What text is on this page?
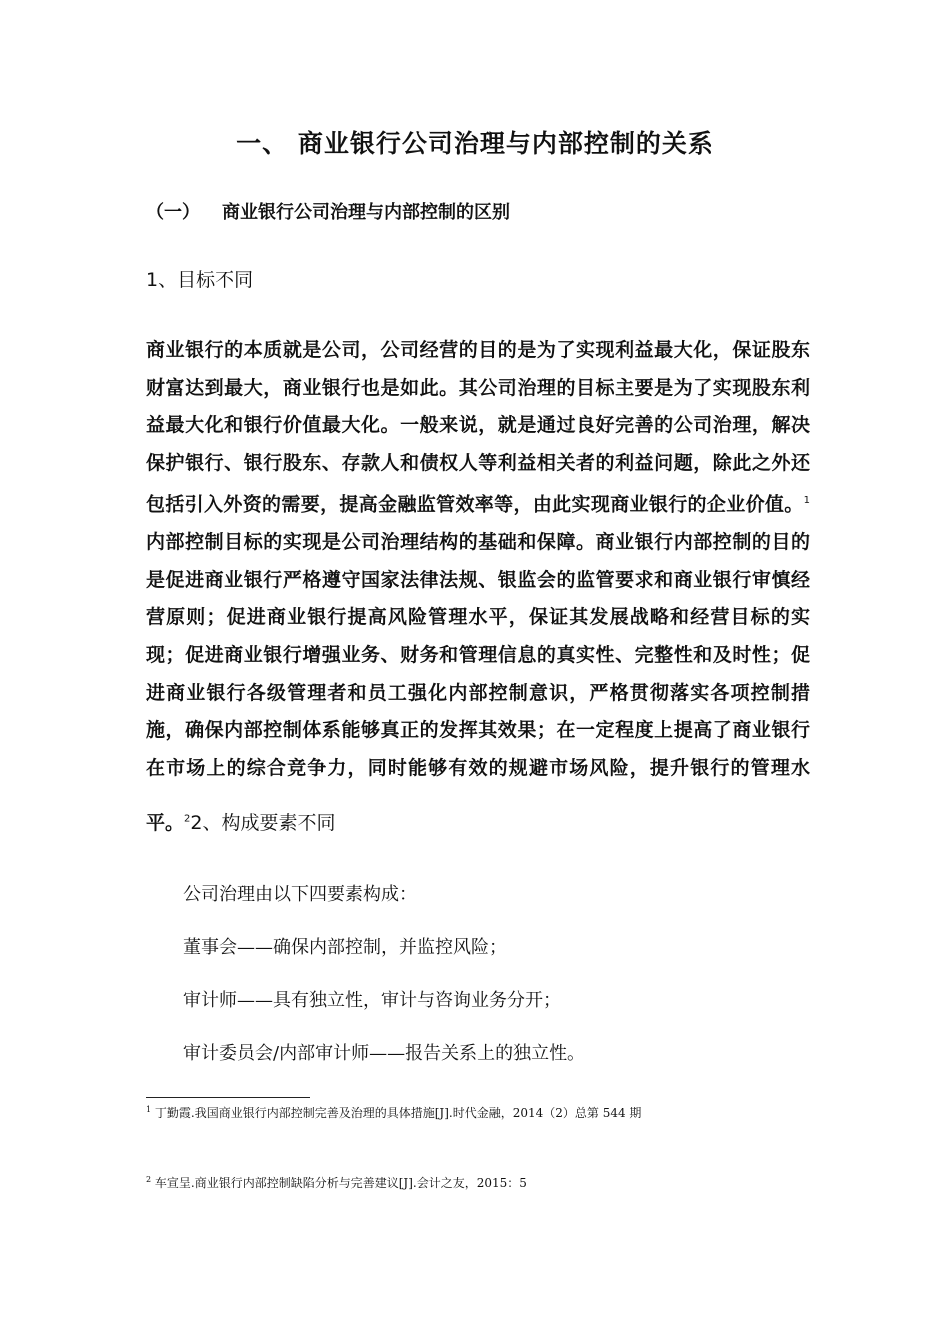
一、 商业银行公司治理与内部控制的关系
（一） 商业银行公司治理与内部控制的区别
1、目标不同
商业银行的本质就是公司，公司经营的目的是为了实现利益最大化，保证股东
财富达到最大，商业银行也是如此。其公司治理的目标主要是为了实现股东利
益最大化和银行价值最大化。一般来说，就是通过良好完善的公司治理，解决
保护银行、银行股东、存款人和债权人等利益相关者的利益问题，除此之外还
包括引入外资的需要，提高金融监管效率等，由此实现商业银行的企业价值。$^1$
内部控制目标的实现是公司治理结构的基础和保障。商业银行内部控制的目的
是促进商业银行严格遵守国家法律法规、银监会的监管要求和商业银行审慎经
营原则；促进商业银行提高风险管理水平，保证其发展战略和经营目标的实
现；促进商业银行增强业务、财务和管理信息的真实性、完整性和及时性；促
进商业银行各级管理者和员工强化内部控制意识，严格贯彻落实各项控制措
施，确保内部控制体系能够真正的发挥其效果；在一定程度上提高了商业银行
在市场上的综合竞争力，同时能够有效的规避市场风险，提升银行的管理水
平。$^2$2、构成要素不同
公司治理由以下四要素构成：
董事会——确保内部控制，并监控风险；
审计师——具有独立性，审计与咨询业务分开；
审计委员会/内部审计师——报告关系上的独立性。
$^1$ 丁勤霞.我国商业银行内部控制完善及治理的具体措施[J].时代金融，2014（2）总第 544 期
$^2$ 车宣呈.商业银行内部控制缺陷分析与完善建议[J].会计之友，2015：5
